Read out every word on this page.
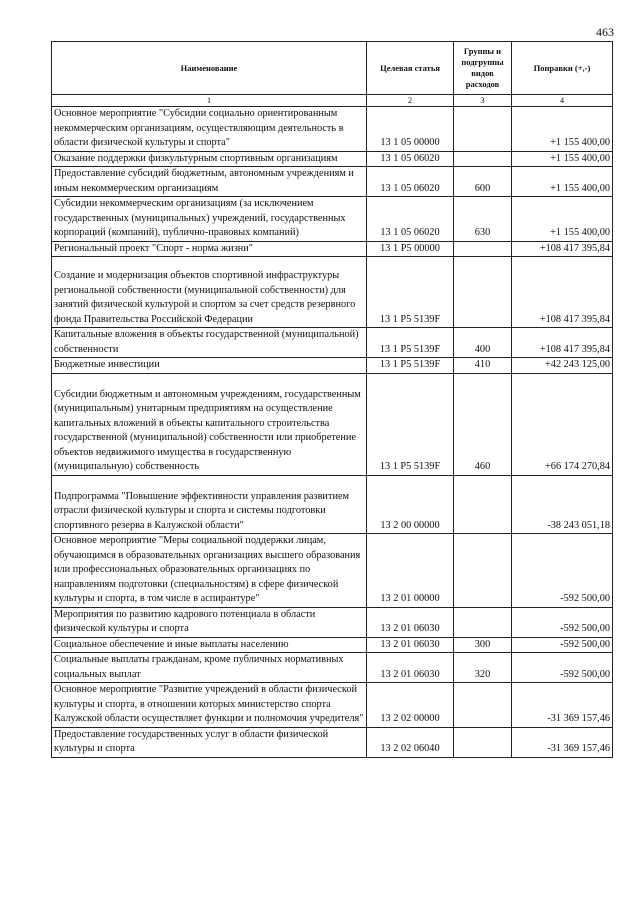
463
Наименование	Целевая статья	Группы и подгруппы видов расходов	Поправки (+,-)
1	2	3	4
Основное мероприятие "Субсидии социально ориентированным некоммерческим организациям, осуществляющим деятельность в области физической культуры и спорта"	13 1 05 00000		+1 155 400,00
Оказание поддержки физкультурным спортивным организациям	13 1 05 06020		+1 155 400,00
Предоставление субсидий бюджетным, автономным учреждениям и иным некоммерческим организациям	13 1 05 06020	600	+1 155 400,00
Субсидии некоммерческим организациям (за исключением государственных (муниципальных) учреждений, государственных корпораций (компаний), публично-правовых компаний)	13 1 05 06020	630	+1 155 400,00
Региональный проект "Спорт - норма жизни"	13 1 P5 00000		+108 417 395,84
Создание и модернизация объектов спортивной инфраструктуры региональной собственности (муниципальной собственности) для занятий физической культурой и спортом за счет средств резервного фонда Правительства Российской Федерации	13 1 P5 5139F		+108 417 395,84
Капитальные вложения в объекты государственной (муниципальной) собственности	13 1 P5 5139F	400	+108 417 395,84
Бюджетные инвестиции	13 1 P5 5139F	410	+42 243 125,00
Субсидии бюджетным и автономным учреждениям, государственным (муниципальным) унитарным предприятиям на осуществление капитальных вложений в объекты капитального строительства государственной (муниципальной) собственности или приобретение объектов недвижимого имущества в государственную (муниципальную) собственность	13 1 P5 5139F	460	+66 174 270,84
Подпрограмма "Повышение эффективности управления развитием отрасли физической культуры и спорта и системы подготовки спортивного резерва в Калужской области"	13 2 00 00000		-38 243 051,18
Основное мероприятие "Меры социальной поддержки лицам, обучающимся в образовательных организациях высшего образования или профессиональных образовательных организациях по направлениям подготовки (специальностям) в сфере физической культуры и спорта, в том числе в аспирантуре"	13 2 01 00000		-592 500,00
Мероприятия по развитию кадрового потенциала в области физической культуры и спорта	13 2 01 06030		-592 500,00
Социальное обеспечение и иные выплаты населению	13 2 01 06030	300	-592 500,00
Социальные выплаты гражданам, кроме публичных нормативных социальных выплат	13 2 01 06030	320	-592 500,00
Основное мероприятие "Развитие учреждений в области физической культуры и спорта, в отношении которых министерство спорта Калужской области осуществляет функции и полномочия учредителя"	13 2 02 00000		-31 369 157,46
Предоставление государственных услуг в области физической культуры и спорта	13 2 02 06040		-31 369 157,46
